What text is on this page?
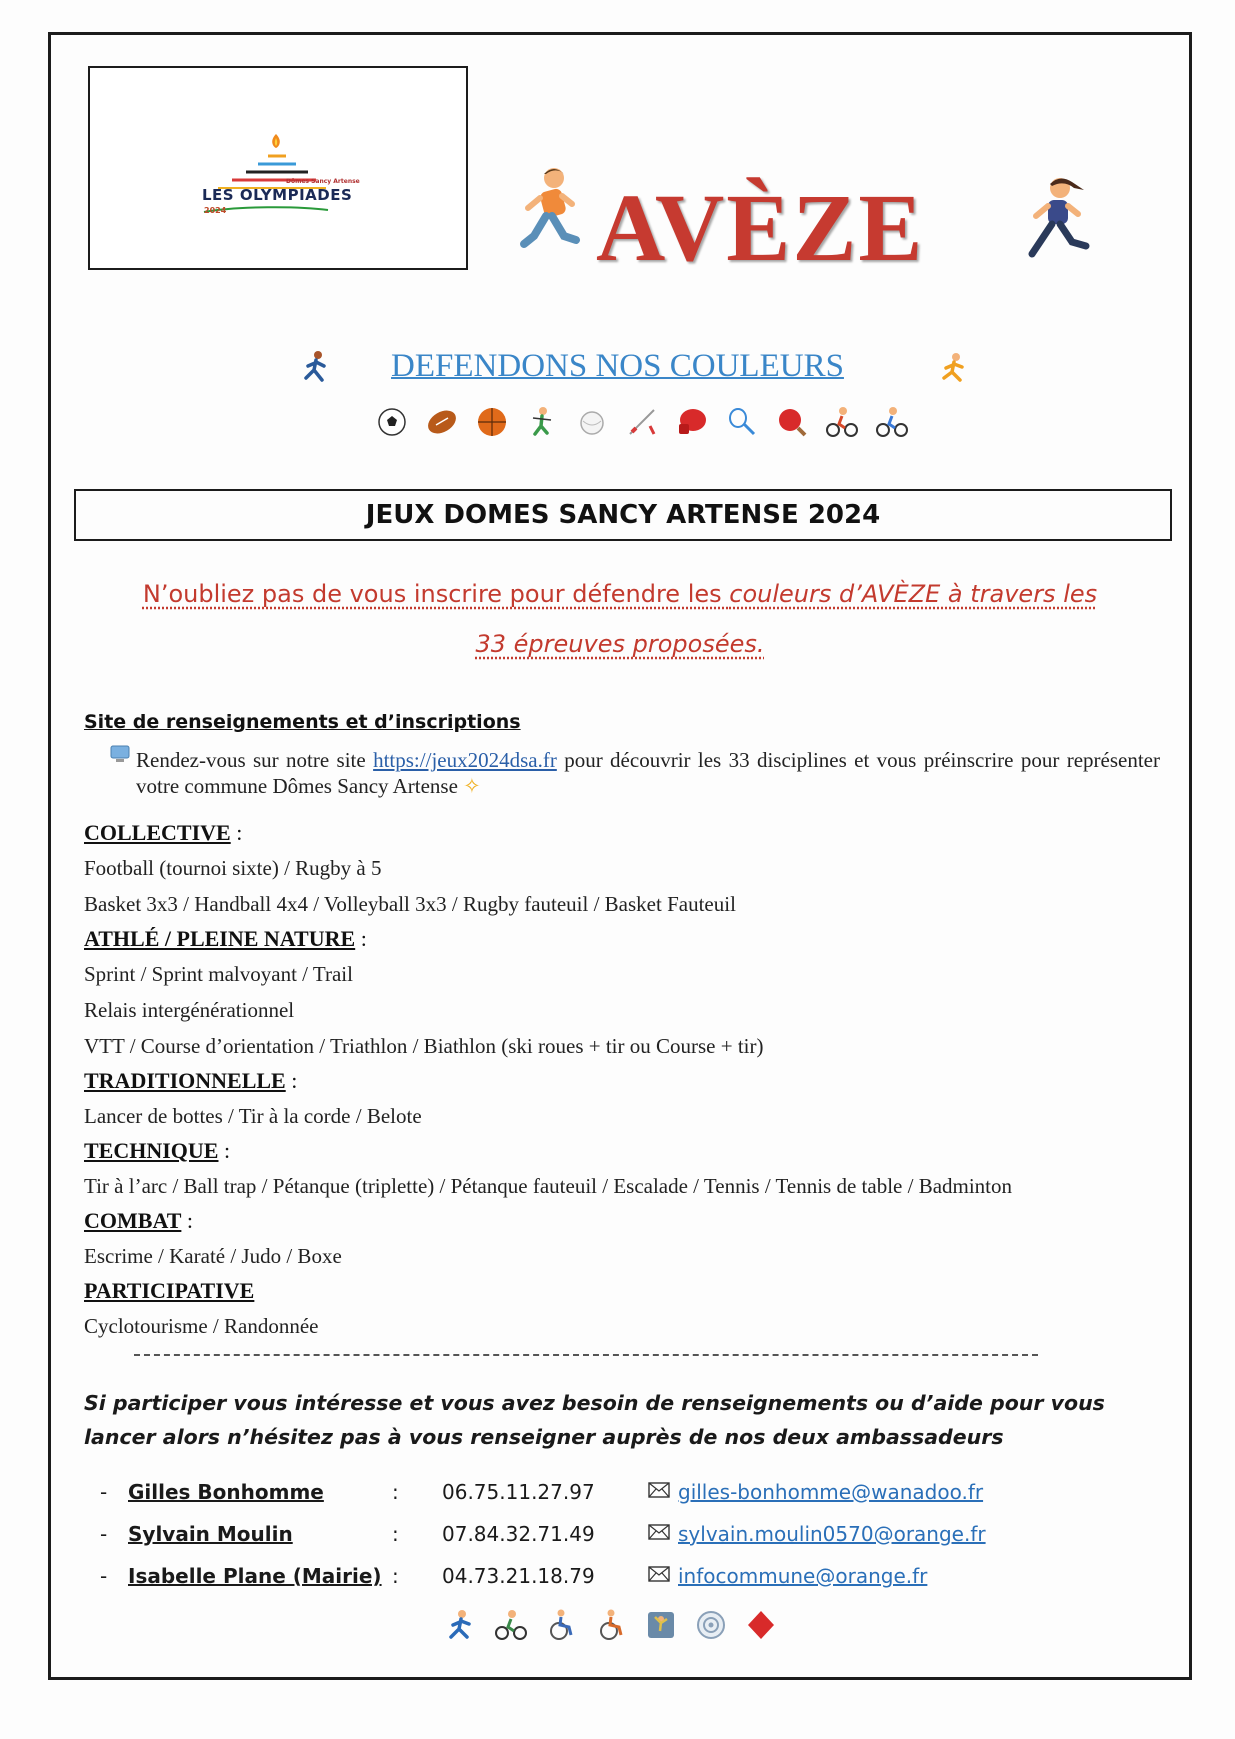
Dômes Sancy Artense
LES OLYMPIADES
2024	AVÈZE
DEFENDONS NOS COULEURS
JEUX DOMES SANCY ARTENSE 2024
N’oubliez pas de vous inscrire pour défendre les couleurs d’AVÈZE à travers les
33 épreuves proposées.
Site de renseignements et d’inscriptions
Rendez-vous sur notre site https://jeux2024dsa.fr pour découvrir les 33 disciplines et vous préinscrire pour représenter votre commune Dômes Sancy Artense ✧
COLLECTIVE :
Football (tournoi sixte) / Rugby à 5
Basket 3x3 / Handball 4x4 / Volleyball 3x3 / Rugby fauteuil / Basket Fauteuil
ATHLÉ / PLEINE NATURE :
Sprint / Sprint malvoyant / Trail
Relais intergénérationnel
VTT / Course d’orientation / Triathlon / Biathlon (ski roues + tir ou Course + tir)
TRADITIONNELLE :
Lancer de bottes / Tir à la corde / Belote
TECHNIQUE :
Tir à l’arc / Ball trap / Pétanque (triplette) / Pétanque fauteuil / Escalade / Tennis / Tennis de table / Badminton
COMBAT :
Escrime / Karaté / Judo / Boxe
PARTICIPATIVE
Cyclotourisme / Randonnée
Si participer vous intéresse et vous avez besoin de renseignements ou d’aide pour vous lancer alors n’hésitez pas à vous renseigner auprès de nos deux ambassadeurs
- Gilles Bonhomme	: 06.75.11.27.97	gilles-bonhomme@wanadoo.fr
- Sylvain Moulin	: 07.84.32.71.49	sylvain.moulin0570@orange.fr
- Isabelle Plane (Mairie) : 04.73.21.18.79	infocommune@orange.fr
